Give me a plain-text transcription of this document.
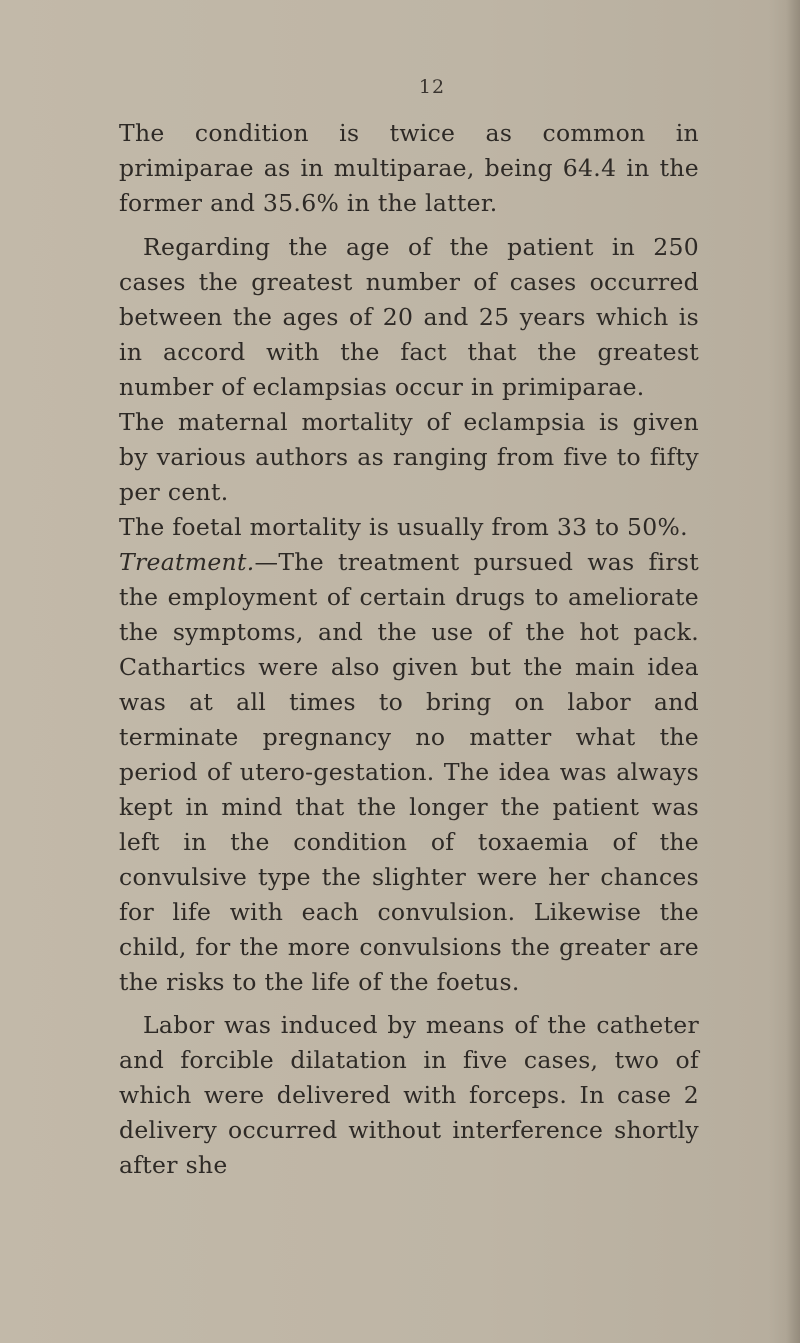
12

The condition is twice as common in primiparae as in multiparae, being 64.4 in the former and 35.6% in the latter.

Regarding the age of the patient in 250 cases the greatest number of cases occurred between the ages of 20 and 25 years which is in accord with the fact that the greatest number of eclampsias occur in primiparae.

The maternal mortality of eclampsia is given by various authors as ranging from five to fifty per cent.

The foetal mortality is usually from 33 to 50%.

Treatment.—The treatment pursued was first the employment of certain drugs to ameliorate the symptoms, and the use of the hot pack. Cathartics were also given but the main idea was at all times to bring on labor and terminate pregnancy no matter what the period of utero-gestation. The idea was always kept in mind that the longer the patient was left in the condition of toxaemia of the convulsive type the slighter were her chances for life with each convulsion. Likewise the child, for the more convulsions the greater are the risks to the life of the foetus.

Labor was induced by means of the catheter and forcible dilatation in five cases, two of which were delivered with forceps. In case 2 delivery occurred without interference shortly after she
